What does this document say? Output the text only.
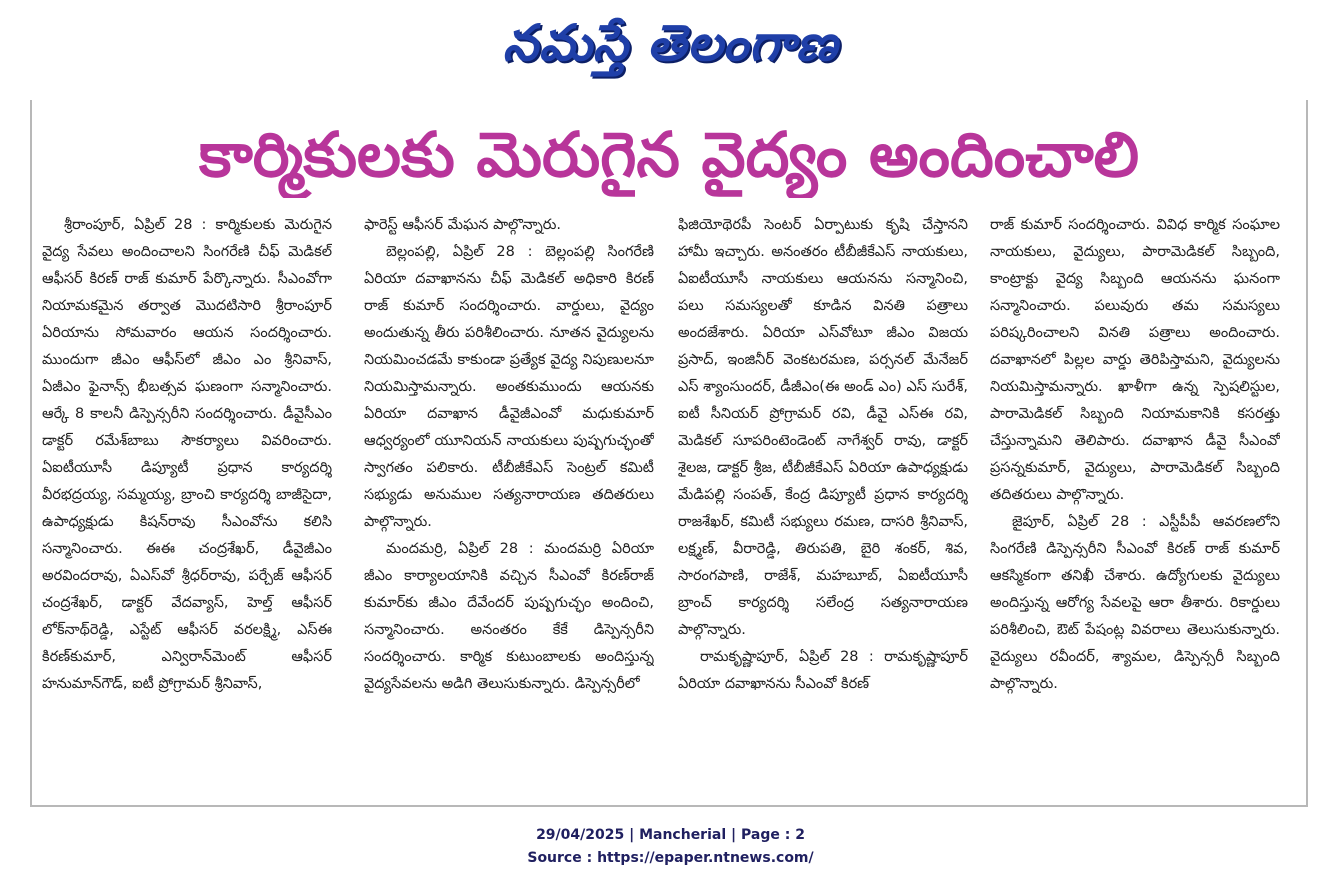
నమస్తే తెలంగాణ
కార్మికులకు మెరుగైన వైద్యం అందించాలి

శ్రీరాంపూర్, ఏప్రిల్ 28 : కార్మికులకు మెరుగైన వైద్య సేవలు అందించాలని సింగరేణి చీఫ్ మెడికల్ ఆఫీసర్ కిరణ్ రాజ్ కుమార్ పేర్కొన్నారు. సీఎంవోగా నియామకమైన తర్వాత మొదటిసారి శ్రీరాంపూర్ ఏరియాను సోమవారం ఆయన సందర్శించారు. ముందుగా జీఎం ఆఫీస్‌లో జీఎం ఎం శ్రీనివాస్, ఏజీఎం ఫైనాన్స్ భీబత్సవ ఘణంగా సన్మానించారు. ఆర్కే 8 కాలనీ డిస్పెన్సరీని సందర్శించారు. డీవైసీఎం డాక్టర్ రమేశ్‌బాబు సౌకర్యాలు వివరించారు. ఏఐటీయూసీ డిప్యూటీ ప్రధాన కార్యదర్శి వీరభద్రయ్య, సమ్మయ్య, బ్రాంచి కార్యదర్శి బాజీసైదా, ఉపాధ్యక్షుడు కిషన్‌రావు సీఎంవోను కలిసి సన్మానించారు. ఈఈ చంద్రశేఖర్, డీవైజీఎం అరవిందరావు, ఏఎస్‌వో శ్రీధర్‌రావు, పర్చేజ్ ఆఫీసర్ చంద్రశేఖర్, డాక్టర్ వేదవ్యాస్, హెల్త్ ఆఫీసర్ లోక్‌నాథ్‌రెడ్డి, ఎస్టేట్ ఆఫీసర్ వరలక్ష్మి, ఎస్ఈ కిరణ్‌కుమార్, ఎన్విరాన్‌మెంట్ ఆఫీసర్ హనుమాన్‌గౌడ్, ఐటీ ప్రోగ్రామర్ శ్రీనివాస్,

ఫారెస్ట్ ఆఫీసర్ మేఘన పాల్గొన్నారు.

బెల్లంపల్లి, ఏప్రిల్ 28 : బెల్లంపల్లి సింగరేణి ఏరియా దవాఖానను చీఫ్ మెడికల్ అధికారి కిరణ్ రాజ్ కుమార్ సందర్శించారు. వార్డులు, వైద్యం అందుతున్న తీరు పరిశీలించారు. నూతన వైద్యులను నియమించడమే కాకుండా ప్రత్యేక వైద్య నిపుణులనూ నియమిస్తామన్నారు. అంతకుముందు ఆయనకు ఏరియా దవాఖాన డీవైజీఎంవో మధుకుమార్ ఆధ్వర్యంలో యూనియన్ నాయకులు పుష్పగుచ్ఛంతో స్వాగతం పలికారు. టీబీజీకేఎస్ సెంట్రల్ కమిటీ సభ్యుడు అనుముల సత్యనారాయణ తదితరులు పాల్గొన్నారు.

మందమర్రి, ఏప్రిల్ 28 : మందమర్రి ఏరియా జీఎం కార్యాలయానికి వచ్చిన సీఎంవో కిరణ్‌రాజ్ కుమార్‌కు జీఎం దేవేందర్ పుష్పగుచ్ఛం అందించి, సన్మానించారు. అనంతరం కేకే డిస్పెన్సరీని సందర్శించారు. కార్మిక కుటుంబాలకు అందిస్తున్న వైద్యసేవలను అడిగి తెలుసుకున్నారు. డిస్పెన్సరీలో

ఫిజియోథెరపీ సెంటర్ ఏర్పాటుకు కృషి చేస్తానని హామీ ఇచ్చారు. అనంతరం టీబీజీకేఎస్ నాయకులు, ఏఐటీయూసీ నాయకులు ఆయనను సన్మానించి, పలు సమస్యలతో కూడిన వినతి పత్రాలు అందజేశారు. ఏరియా ఎస్‌వోటూ జీఎం విజయ ప్రసాద్, ఇంజినీర్ వెంకటరమణ, పర్సనల్ మేనేజర్ ఎస్ శ్యాంసుందర్, డీజీఎం(ఈ అండ్ ఎం) ఎస్ సురేశ్, ఐటీ సీనియర్ ప్రోగ్రామర్ రవి, డీవై ఎస్ఈ రవి, మెడికల్ సూపరింటెండెంట్ నాగేశ్వర్ రావు, డాక్టర్ శైలజ, డాక్టర్ శ్రీజ, టీబీజీకేఎస్ ఏరియా ఉపాధ్యక్షుడు మేడిపల్లి సంపత్, కేంద్ర డిప్యూటీ ప్రధాన కార్యదర్శి రాజశేఖర్, కమిటీ సభ్యులు రమణ, దాసరి శ్రీనివాస్, లక్ష్మణ్, వీరారెడ్డి, తిరుపతి, బైరి శంకర్, శివ, సారంగపాణి, రాజేశ్, మహబూబ్, ఏఐటీయూసీ బ్రాంచ్ కార్యదర్శి సలేంద్ర సత్యనారాయణ పాల్గొన్నారు.

రామకృష్ణాపూర్, ఏప్రిల్ 28 : రామకృష్ణాపూర్ ఏరియా దవాఖానను సీఎంవో కిరణ్

రాజ్ కుమార్ సందర్శించారు. వివిధ కార్మిక సంఘాల నాయకులు, వైద్యులు, పారామెడికల్ సిబ్బంది, కాంట్రాక్టు వైద్య సిబ్బంది ఆయనను ఘనంగా సన్మానించారు. పలువురు తమ సమస్యలు పరిష్కరించాలని వినతి పత్రాలు అందించారు. దవాఖానలో పిల్లల వార్డు తెరిపిస్తామని, వైద్యులను నియమిస్తామన్నారు. ఖాళీగా ఉన్న స్పెషలిస్టుల, పారామెడికల్ సిబ్బంది నియామకానికి కసరత్తు చేస్తున్నామని తెలిపారు. దవాఖాన డీవై సీఎంవో ప్రసన్నకుమార్, వైద్యులు, పారామెడికల్ సిబ్బంది తదితరులు పాల్గొన్నారు.

జైపూర్, ఏప్రిల్ 28 : ఎస్టీపీపీ ఆవరణలోని సింగరేణి డిస్పెన్సరీని సీఎంవో కిరణ్ రాజ్ కుమార్ ఆకస్మికంగా తనిఖీ చేశారు. ఉద్యోగులకు వైద్యులు అందిస్తున్న ఆరోగ్య సేవలపై ఆరా తీశారు. రికార్డులు పరిశీలించి, ఔట్ పేషంట్ల వివరాలు తెలుసుకున్నారు. వైద్యులు రవీందర్, శ్యామల, డిస్పెన్సరీ సిబ్బంది పాల్గొన్నారు.

29/04/2025 | Mancherial | Page : 2
Source : https://epaper.ntnews.com/
